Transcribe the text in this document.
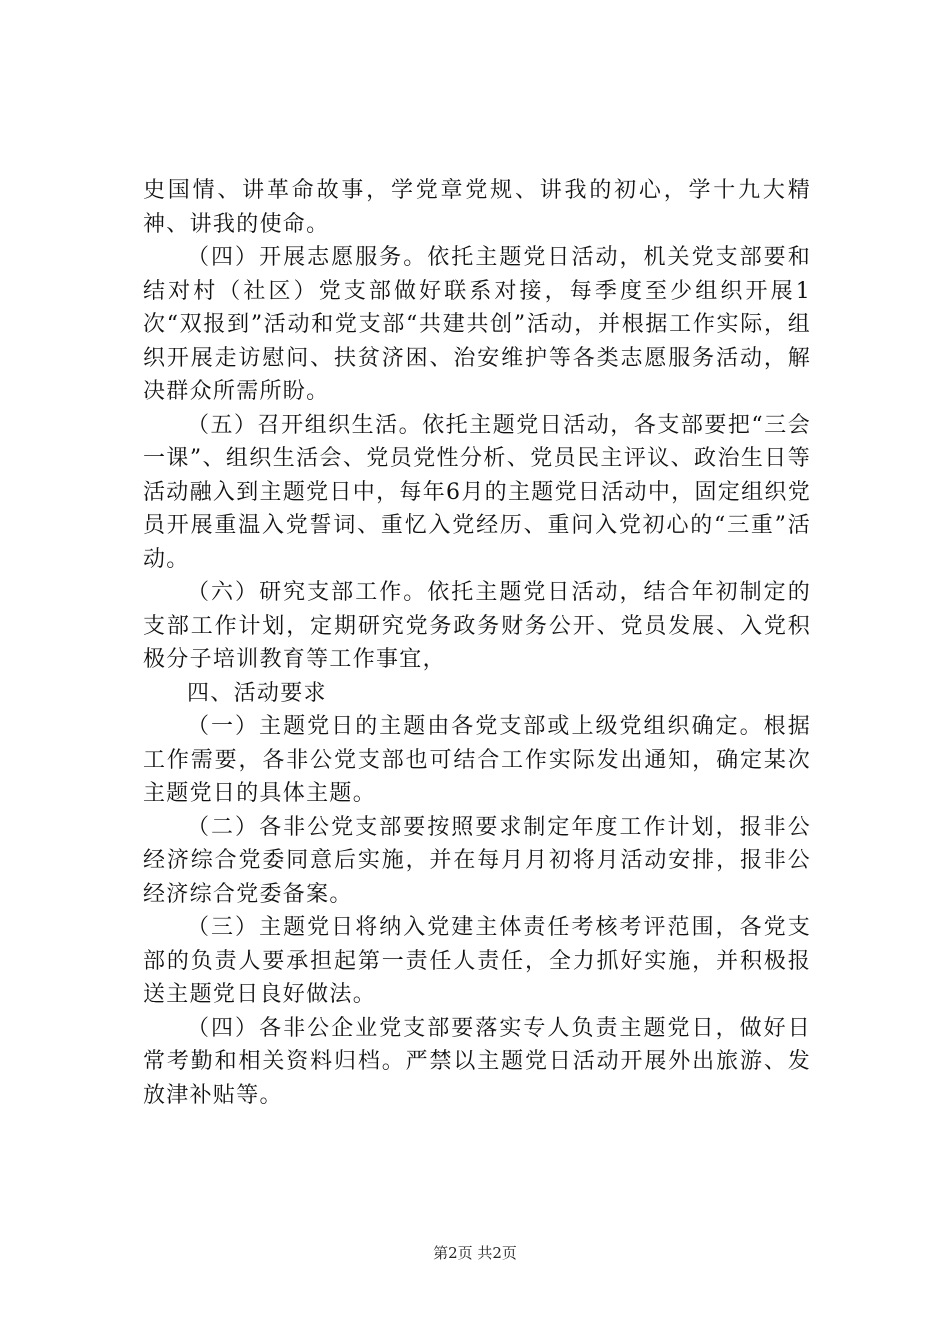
史国情、讲革命故事，学党章党规、讲我的初心，学十九大精神、讲我的使命。

（四）开展志愿服务。依托主题党日活动，机关党支部要和结对村（社区）党支部做好联系对接，每季度至少组织开展1次“双报到”活动和党支部“共建共创”活动，并根据工作实际，组织开展走访慰问、扶贫济困、治安维护等各类志愿服务活动，解决群众所需所盼。

（五）召开组织生活。依托主题党日活动，各支部要把“三会一课”、组织生活会、党员党性分析、党员民主评议、政治生日等活动融入到主题党日中，每年6月的主题党日活动中，固定组织党员开展重温入党誓词、重忆入党经历、重问入党初心的“三重”活动。

（六）研究支部工作。依托主题党日活动，结合年初制定的支部工作计划，定期研究党务政务财务公开、党员发展、入党积极分子培训教育等工作事宜，

四、活动要求

（一）主题党日的主题由各党支部或上级党组织确定。根据工作需要，各非公党支部也可结合工作实际发出通知，确定某次主题党日的具体主题。

（二）各非公党支部要按照要求制定年度工作计划，报非公经济综合党委同意后实施，并在每月月初将月活动安排，报非公经济综合党委备案。

（三）主题党日将纳入党建主体责任考核考评范围，各党支部的负责人要承担起第一责任人责任，全力抓好实施，并积极报送主题党日良好做法。

（四）各非公企业党支部要落实专人负责主题党日，做好日常考勤和相关资料归档。严禁以主题党日活动开展外出旅游、发放津补贴等。

第2页 共2页
